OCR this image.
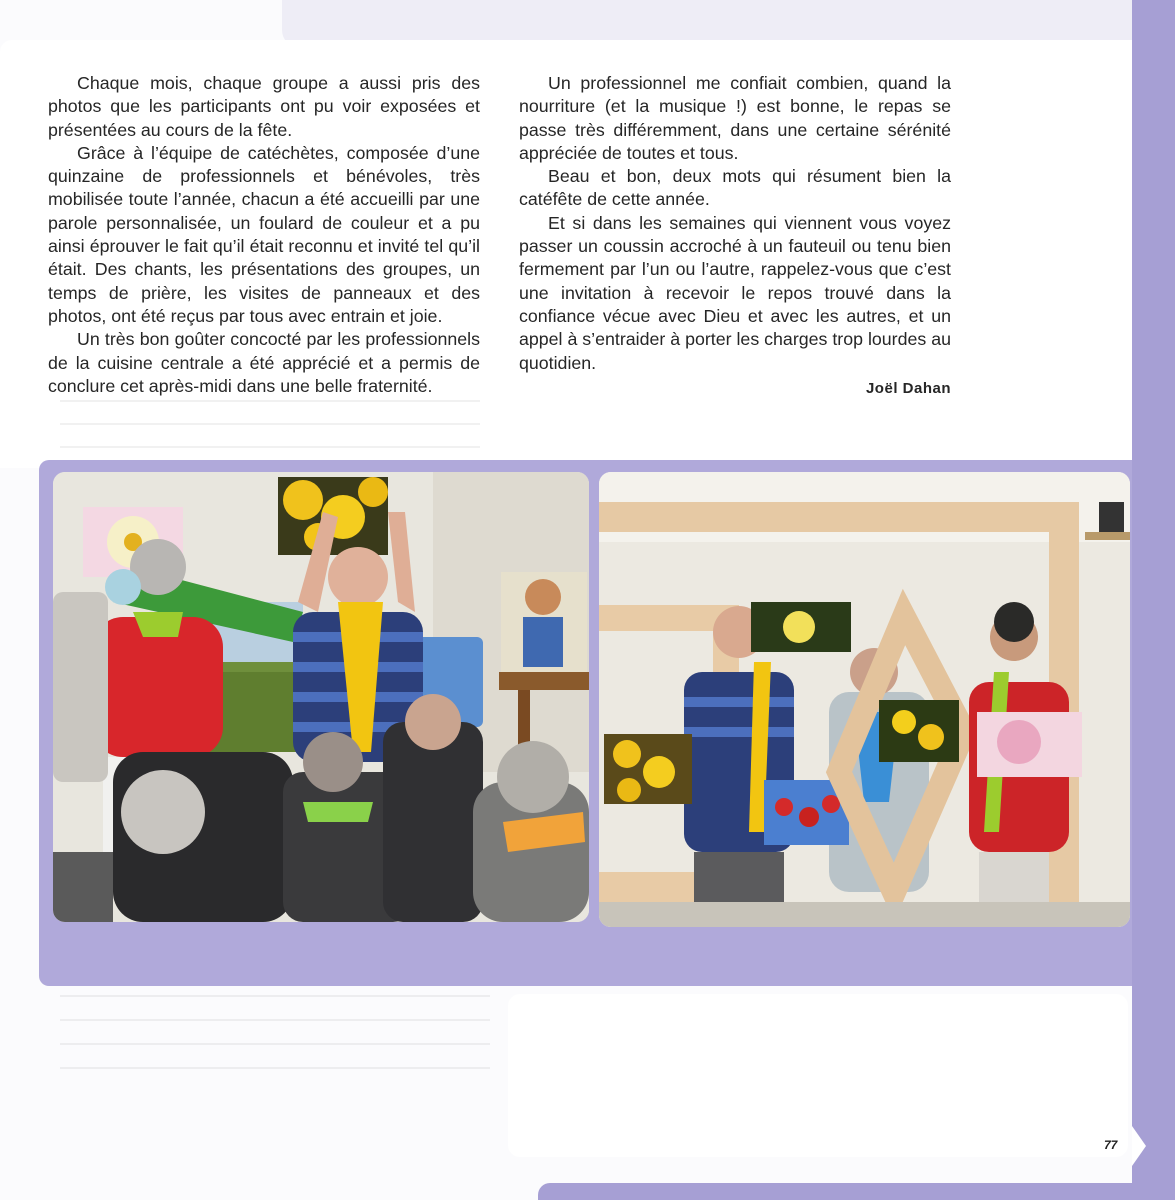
Chaque mois, chaque groupe a aussi pris des photos que les participants ont pu voir exposées et présentées au cours de la fête.

Grâce à l’équipe de catéchètes, composée d’une quinzaine de professionnels et bénévoles, très mobilisée toute l’année, chacun a été accueilli par une parole personnalisée, un foulard de couleur et a pu ainsi éprouver le fait qu’il était reconnu et invité tel qu’il était. Des chants, les présentations des groupes, un temps de prière, les visites de panneaux et des photos, ont été reçus par tous avec entrain et joie.

Un très bon goûter concocté par les professionnels de la cuisine centrale a été apprécié et a permis de conclure cet après-midi dans une belle fraternité.

Un professionnel me confiait combien, quand la nourriture (et la musique !) est bonne, le repas se passe très différemment, dans une certaine sérénité appréciée de toutes et tous.

Beau et bon, deux mots qui résument bien la catéfête de cette année.

Et si dans les semaines qui viennent vous voyez passer un coussin accroché à un fauteuil ou tenu bien fermement par l’un ou l’autre, rappelez-vous que c’est une invitation à recevoir le repos trouvé dans la confiance vécue avec Dieu et avec les autres, et un appel à s’entraider à porter les charges trop lourdes au quotidien.

Joël Dahan
77
